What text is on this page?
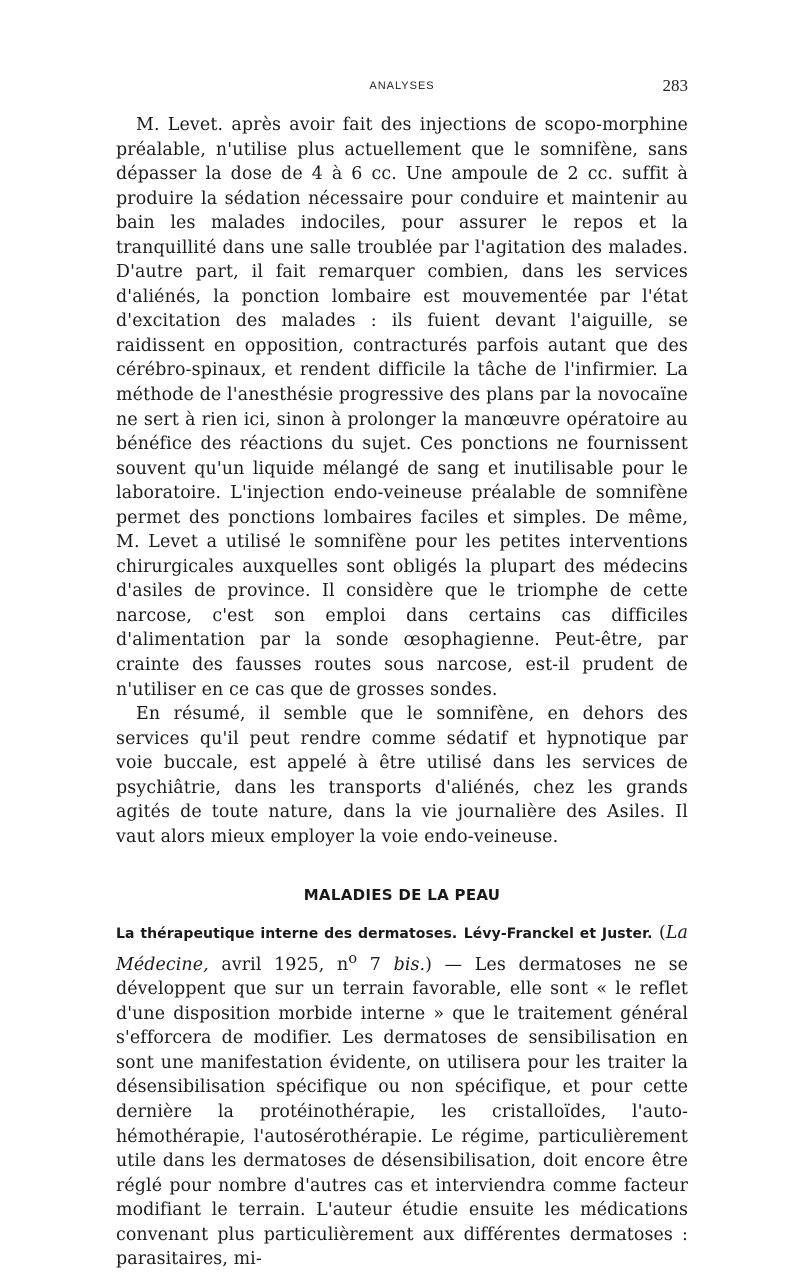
ANALYSES	283

M. Levet. après avoir fait des injections de scopo-morphine préalable, n'utilise plus actuellement que le somnifène, sans dépasser la dose de 4 à 6 cc. Une ampoule de 2 cc. suffit à produire la sédation nécessaire pour conduire et maintenir au bain les malades indociles, pour assurer le repos et la tranquillité dans une salle troublée par l'agitation des malades. D'autre part, il fait remarquer combien, dans les services d'aliénés, la ponction lombaire est mouvementée par l'état d'excitation des malades : ils fuient devant l'aiguille, se raidissent en opposition, contracturés parfois autant que des cérébro-spinaux, et rendent difficile la tâche de l'infirmier. La méthode de l'anesthésie progressive des plans par la novocaïne ne sert à rien ici, sinon à prolonger la manœuvre opératoire au bénéfice des réactions du sujet. Ces ponctions ne fournissent souvent qu'un liquide mélangé de sang et inutilisable pour le laboratoire. L'injection endo-veineuse préalable de somnifène permet des ponctions lombaires faciles et simples. De même, M. Levet a utilisé le somnifène pour les petites interventions chirurgicales auxquelles sont obligés la plupart des médecins d'asiles de province. Il considère que le triomphe de cette narcose, c'est son emploi dans certains cas difficiles d'alimentation par la sonde œsophagienne. Peut-être, par crainte des fausses routes sous narcose, est-il prudent de n'utiliser en ce cas que de grosses sondes.

En résumé, il semble que le somnifène, en dehors des services qu'il peut rendre comme sédatif et hypnotique par voie buccale, est appelé à être utilisé dans les services de psychiâtrie, dans les transports d'aliénés, chez les grands agités de toute nature, dans la vie journalière des Asiles. Il vaut alors mieux employer la voie endo-veineuse.

MALADIES DE LA PEAU

La thérapeutique interne des dermatoses. Lévy-Franckel et Juster. (La Médecine, avril 1925, $n^o$ 7 bis.) — Les dermatoses ne se développent que sur un terrain favorable, elle sont « le reflet d'une disposition morbide interne » que le traitement général s'efforcera de modifier. Les dermatoses de sensibilisation en sont une manifestation évidente, on utilisera pour les traiter la désensibilisation spécifique ou non spécifique, et pour cette dernière la protéinothérapie, les cristalloïdes, l'auto-hémothérapie, l'autosérothérapie. Le régime, particulièrement utile dans les dermatoses de désensibilisation, doit encore être réglé pour nombre d'autres cas et interviendra comme facteur modifiant le terrain. L'auteur étudie ensuite les médications convenant plus particulièrement aux différentes dermatoses : parasitaires, mi-
